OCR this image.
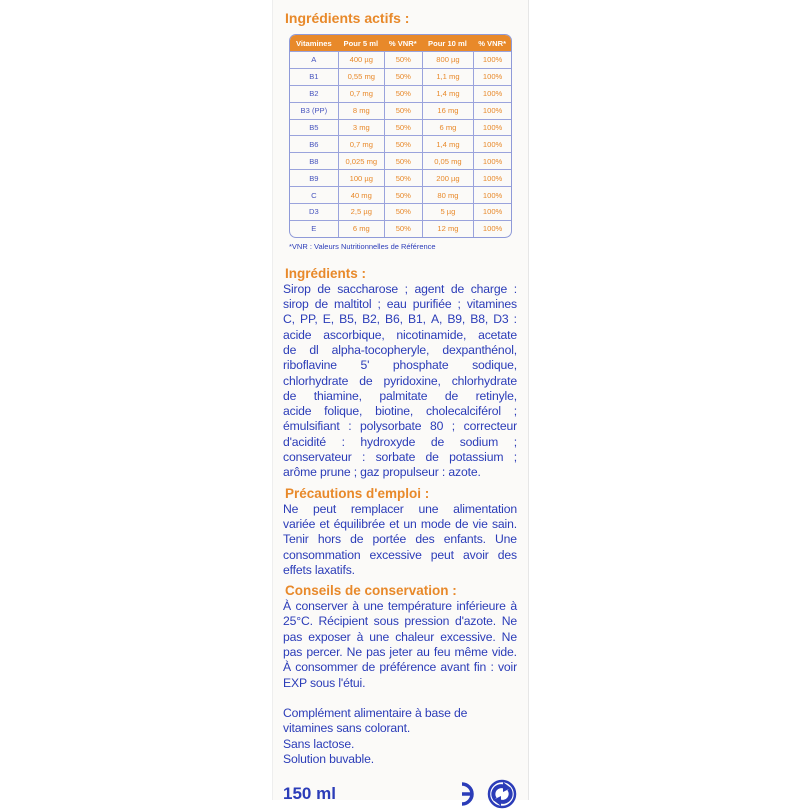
Ingrédients actifs :
Vitamines	Pour 5 ml	% VNR*	Pour 10 ml	% VNR*
A	400 µg	50%	800 µg	100%
B1	0,55 mg	50%	1,1 mg	100%
B2	0,7 mg	50%	1,4 mg	100%
B3 (PP)	8 mg	50%	16 mg	100%
B5	3 mg	50%	6 mg	100%
B6	0,7 mg	50%	1,4 mg	100%
B8	0,025 mg	50%	0,05 mg	100%
B9	100 µg	50%	200 µg	100%
C	40 mg	50%	80 mg	100%
D3	2,5 µg	50%	5 µg	100%
E	6 mg	50%	12 mg	100%
*VNR : Valeurs Nutritionnelles de Référence
Ingrédients :
Sirop de saccharose ; agent de charge :
sirop de maltitol ; eau purifiée ; vitamines
C, PP, E, B5, B2, B6, B1, A, B9, B8, D3 :
acide ascorbique, nicotinamide, acetate
de dl alpha-tocopheryle, dexpanthénol,
riboflavine 5' phosphate sodique,
chlorhydrate de pyridoxine, chlorhydrate
de thiamine, palmitate de retinyle,
acide folique, biotine, cholecalciférol ;
émulsifiant : polysorbate 80 ; correcteur
d'acidité : hydroxyde de sodium ;
conservateur : sorbate de potassium ;
arôme prune ; gaz propulseur : azote.
Précautions d'emploi :
Ne peut remplacer une alimentation
variée et équilibrée et un mode de vie sain.
Tenir hors de portée des enfants. Une
consommation excessive peut avoir des
effets laxatifs.
Conseils de conservation :
À conserver à une température inférieure à
25°C. Récipient sous pression d'azote. Ne
pas exposer à une chaleur excessive. Ne
pas percer. Ne pas jeter au feu même vide.
À consommer de préférence avant fin : voir
EXP sous l'étui.
Complément alimentaire à base de
vitamines sans colorant.
Sans lactose.
Solution buvable.
150 ml
